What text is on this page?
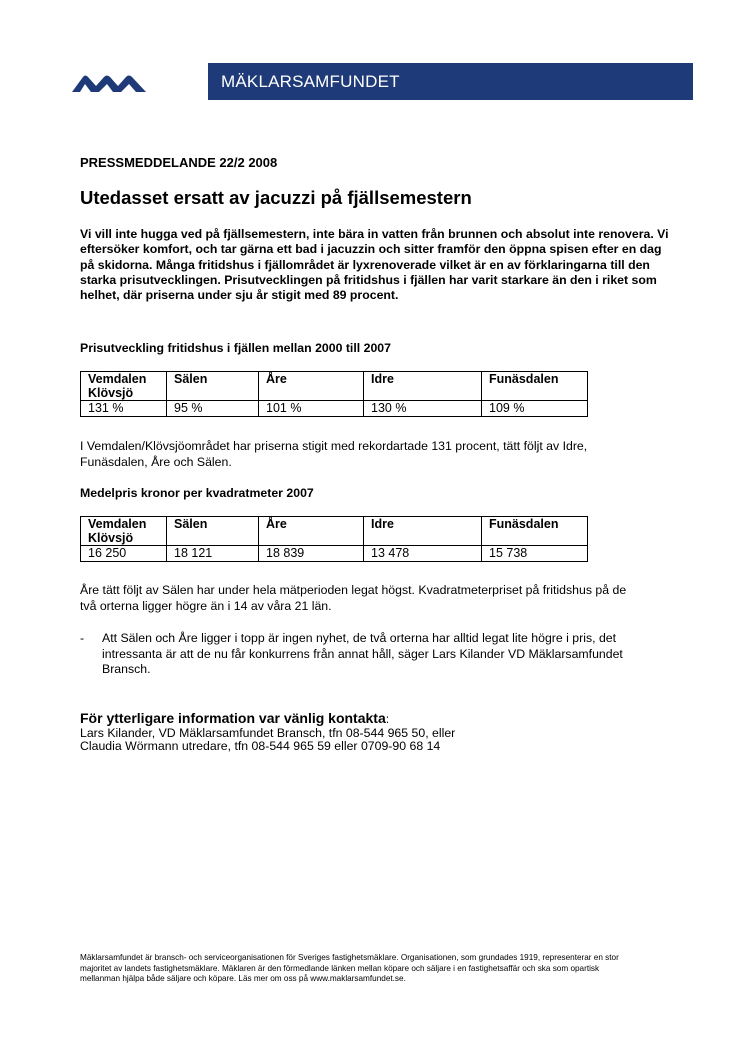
MÄKLARSAMFUNDET
PRESSMEDDELANDE 22/2 2008
Utedasset ersatt av jacuzzi på fjällsemestern

Vi vill inte hugga ved på fjällsemestern, inte bära in vatten från brunnen och absolut inte renovera. Vi eftersöker komfort, och tar gärna ett bad i jacuzzin och sitter framför den öppna spisen efter en dag på skidorna. Många fritidshus i fjällområdet är lyxrenoverade vilket är en av förklaringarna till den starka prisutvecklingen. Prisutvecklingen på fritidshus i fjällen har varit starkare än den i riket som helhet, där priserna under sju år stigit med 89 procent.

Prisutveckling fritidshus i fjällen mellan 2000 till 2007
Vemdalen Klövsjö	Sälen	Åre	Idre	Funäsdalen
131 %	95 %	101 %	130 %	109 %

I Vemdalen/Klövsjöområdet har priserna stigit med rekordartade 131 procent, tätt följt av Idre, Funäsdalen, Åre och Sälen.

Medelpris kronor per kvadratmeter 2007
Vemdalen Klövsjö	Sälen	Åre	Idre	Funäsdalen
16 250	18 121	18 839	13 478	15 738

Åre tätt följt av Sälen har under hela mätperioden legat högst. Kvadratmeterpriset på fritidshus på de två orterna ligger högre än i 14 av våra 21 län.

- Att Sälen och Åre ligger i topp är ingen nyhet, de två orterna har alltid legat lite högre i pris, det intressanta är att de nu får konkurrens från annat håll, säger Lars Kilander VD Mäklarsamfundet Bransch.
För ytterligare information var vänlig kontakta:
Lars Kilander, VD Mäklarsamfundet Bransch, tfn 08-544 965 50, eller
Claudia Wörmann utredare, tfn 08-544 965 59 eller 0709-90 68 14

Mäklarsamfundet är bransch- och serviceorganisationen för Sveriges fastighetsmäklare. Organisationen, som grundades 1919, representerar en stor majoritet av landets fastighetsmäklare. Mäklaren är den förmedlande länken mellan köpare och säljare i en fastighetsaffär och ska som opartisk mellanman hjälpa både säljare och köpare. Läs mer om oss på www.maklarsamfundet.se.
